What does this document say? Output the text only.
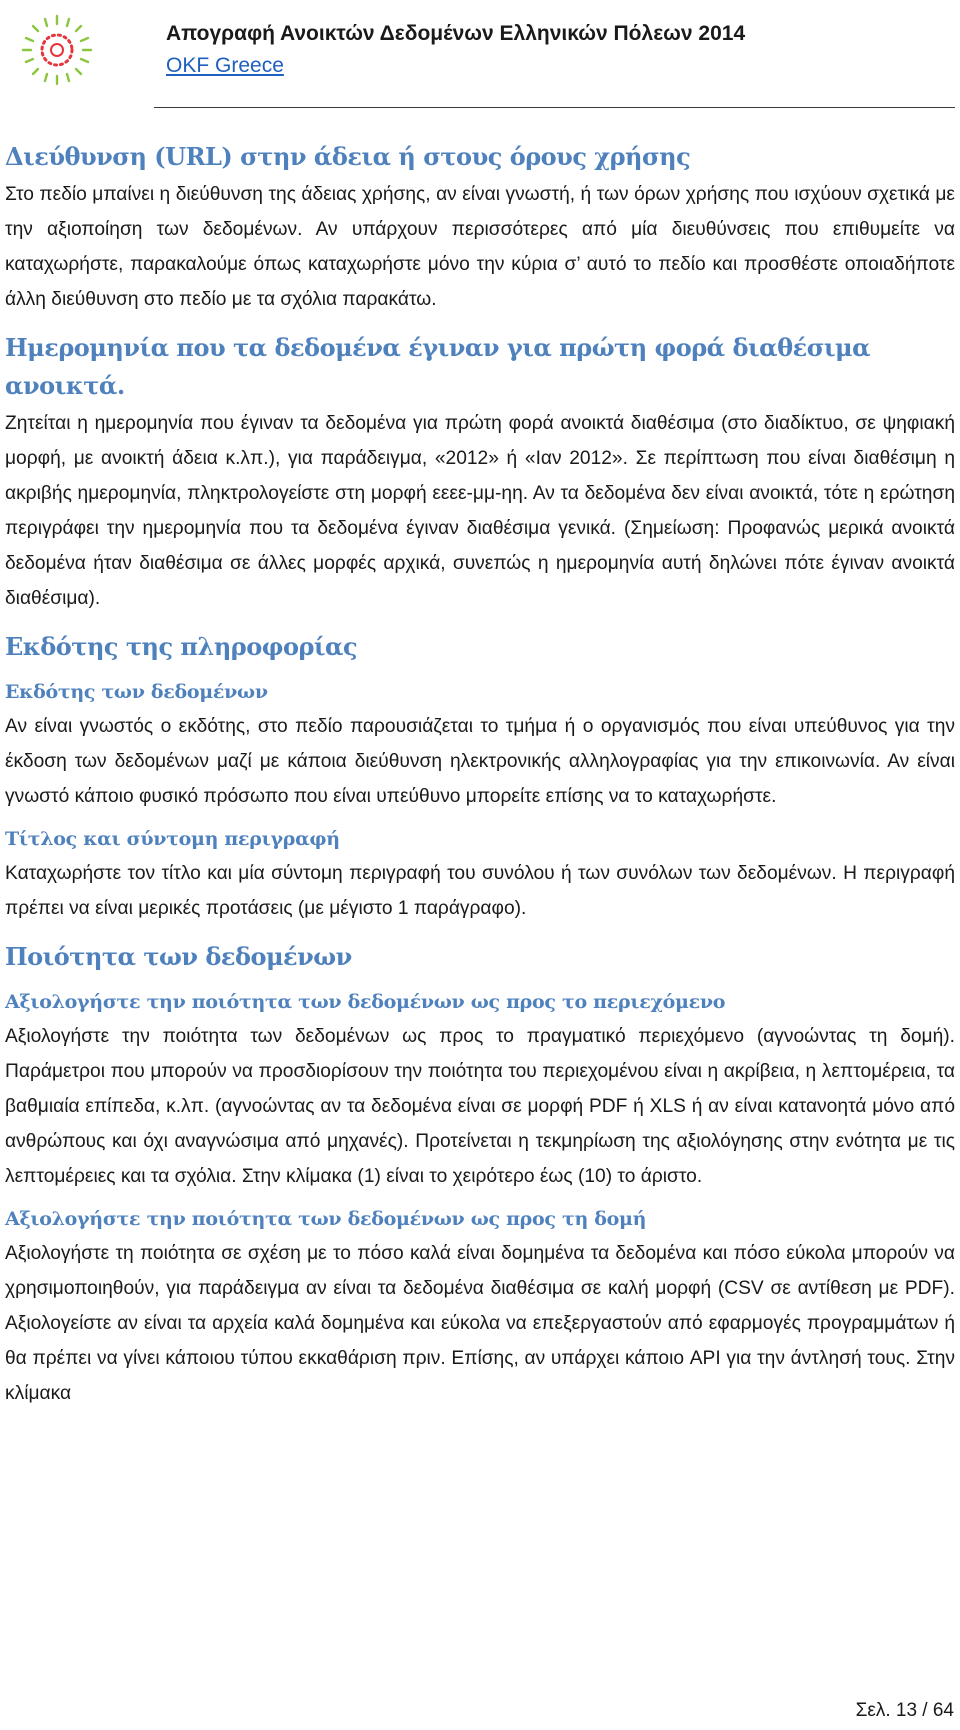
Απογραφή Ανοικτών Δεδομένων Ελληνικών Πόλεων 2014
OKF Greece
Διεύθυνση (URL) στην άδεια ή στους όρους χρήσης

Στο πεδίο μπαίνει η διεύθυνση της άδειας χρήσης, αν είναι γνωστή, ή των όρων χρήσης που ισχύουν σχετικά με την αξιοποίηση των δεδομένων. Αν υπάρχουν περισσότερες από μία διευθύνσεις που επιθυμείτε να καταχωρήστε, παρακαλούμε όπως καταχωρήστε μόνο την κύρια σ’ αυτό το πεδίο και προσθέστε οποιαδήποτε άλλη διεύθυνση στο πεδίο με τα σχόλια παρακάτω.

Ημερομηνία που τα δεδομένα έγιναν για πρώτη φορά διαθέσιμα ανοικτά.

Ζητείται η ημερομηνία που έγιναν τα δεδομένα για πρώτη φορά ανοικτά διαθέσιμα (στο διαδίκτυο, σε ψηφιακή μορφή, με ανοικτή άδεια κ.λπ.), για παράδειγμα, «2012» ή «Ιαν 2012». Σε περίπτωση που είναι διαθέσιμη η ακριβής ημερομηνία, πληκτρολογείστε στη μορφή εεεε-μμ-ηη. Αν τα δεδομένα δεν είναι ανοικτά, τότε η ερώτηση περιγράφει την ημερομηνία που τα δεδομένα έγιναν διαθέσιμα γενικά. (Σημείωση: Προφανώς μερικά ανοικτά δεδομένα ήταν διαθέσιμα σε άλλες μορφές αρχικά, συνεπώς η ημερομηνία αυτή δηλώνει πότε έγιναν ανοικτά διαθέσιμα).

Εκδότης της πληροφορίας
Εκδότης των δεδομένων

Αν είναι γνωστός ο εκδότης, στο πεδίο παρουσιάζεται το τμήμα ή ο οργανισμός που είναι υπεύθυνος για την έκδοση των δεδομένων μαζί με κάποια διεύθυνση ηλεκτρονικής αλληλογραφίας για την επικοινωνία. Αν είναι γνωστό κάποιο φυσικό πρόσωπο που είναι υπεύθυνο μπορείτε επίσης να το καταχωρήστε.

Τίτλος και σύντομη περιγραφή

Καταχωρήστε τον τίτλο και μία σύντομη περιγραφή του συνόλου ή των συνόλων των δεδομένων. Η περιγραφή πρέπει να είναι μερικές προτάσεις (με μέγιστο 1 παράγραφο).

Ποιότητα των δεδομένων
Αξιολογήστε την ποιότητα των δεδομένων ως προς το περιεχόμενο

Αξιολογήστε την ποιότητα των δεδομένων ως προς το πραγματικό περιεχόμενο (αγνοώντας τη δομή). Παράμετροι που μπορούν να προσδιορίσουν την ποιότητα του περιεχομένου είναι η ακρίβεια, η λεπτομέρεια, τα βαθμιαία επίπεδα, κ.λπ. (αγνοώντας αν τα δεδομένα είναι σε μορφή PDF ή XLS ή αν είναι κατανοητά μόνο από ανθρώπους και όχι αναγνώσιμα από μηχανές). Προτείνεται η τεκμηρίωση της αξιολόγησης στην ενότητα με τις λεπτομέρειες και τα σχόλια. Στην κλίμακα (1) είναι το χειρότερο έως (10) το άριστο.

Αξιολογήστε την ποιότητα των δεδομένων ως προς τη δομή

Αξιολογήστε τη ποιότητα σε σχέση με το πόσο καλά είναι δομημένα τα δεδομένα και πόσο εύκολα μπορούν να χρησιμοποιηθούν, για παράδειγμα αν είναι τα δεδομένα διαθέσιμα σε καλή μορφή (CSV σε αντίθεση με PDF). Αξιολογείστε αν είναι τα αρχεία καλά δομημένα και εύκολα να επεξεργαστούν από εφαρμογές προγραμμάτων ή θα πρέπει να γίνει κάποιου τύπου εκκαθάριση πριν. Επίσης, αν υπάρχει κάποιο API για την άντλησή τους. Στην κλίμακα

Σελ. 13 / 64
